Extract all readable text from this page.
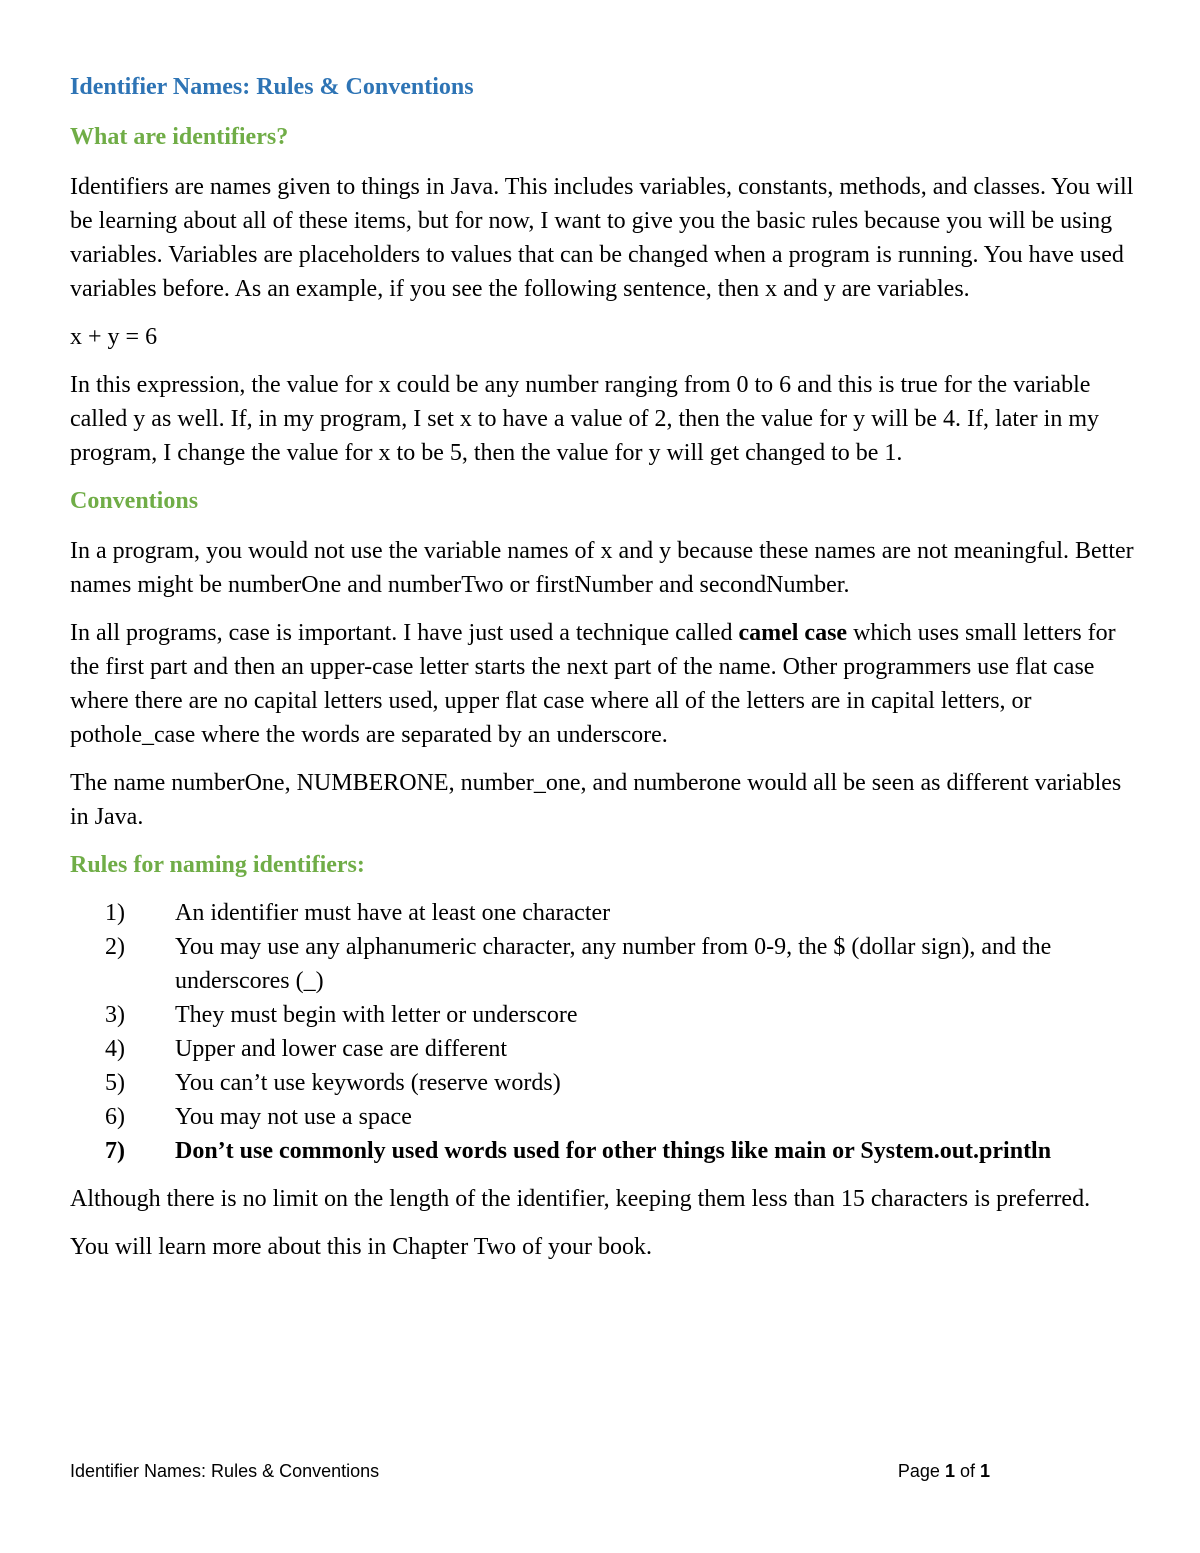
Identifier Names: Rules & Conventions
What are identifiers?

Identifiers are names given to things in Java. This includes variables, constants, methods, and classes. You will be learning about all of these items, but for now, I want to give you the basic rules because you will be using variables. Variables are placeholders to values that can be changed when a program is running. You have used variables before. As an example, if you see the following sentence, then x and y are variables.

x + y = 6

In this expression, the value for x could be any number ranging from 0 to 6 and this is true for the variable called y as well. If, in my program, I set x to have a value of 2, then the value for y will be 4. If, later in my program, I change the value for x to be 5, then the value for y will get changed to be 1.

Conventions

In a program, you would not use the variable names of x and y because these names are not meaningful. Better names might be numberOne and numberTwo or firstNumber and secondNumber.

In all programs, case is important. I have just used a technique called camel case which uses small letters for the first part and then an upper-case letter starts the next part of the name. Other programmers use flat case where there are no capital letters used, upper flat case where all of the letters are in capital letters, or pothole_case where the words are separated by an underscore.

The name numberOne, NUMBERONE, number_one, and numberone would all be seen as different variables in Java.

Rules for naming identifiers:
1)	An identifier must have at least one character
2)	You may use any alphanumeric character, any number from 0-9, the $ (dollar sign), and the underscores (_)
3)	They must begin with letter or underscore
4)	Upper and lower case are different
5)	You can’t use keywords (reserve words)
6)	You may not use a space
7)	Don’t use commonly used words used for other things like main or System.out.println

Although there is no limit on the length of the identifier, keeping them less than 15 characters is preferred.

You will learn more about this in Chapter Two of your book.

Identifier Names: Rules & Conventions	Page 1 of 1
